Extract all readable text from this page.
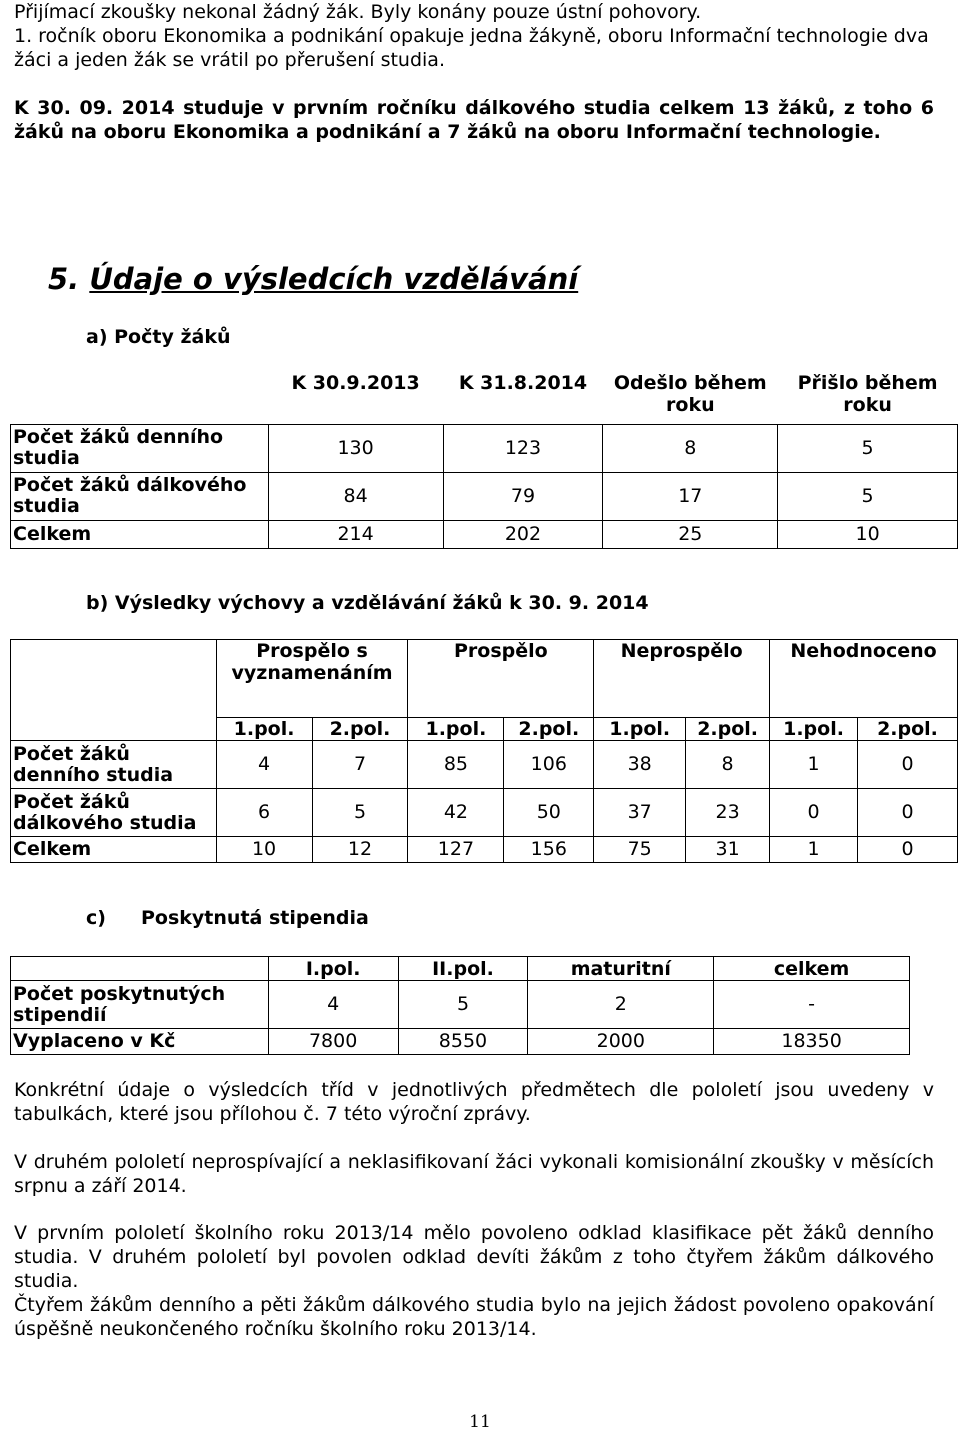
Přijímací zkoušky nekonal žádný žák. Byly konány pouze ústní pohovory.

1. ročník oboru Ekonomika a podnikání opakuje jedna žákyně, oboru Informační technologie dva žáci a jeden žák se vrátil po přerušení studia.

K 30. 09. 2014 studuje v prvním ročníku dálkového studia celkem 13 žáků, z toho 6 žáků na oboru Ekonomika a podnikání a 7 žáků na oboru Informační technologie.

5. Údaje o výsledcích vzdělávání
a) Počty žáků
	K 30.9.2013	K 31.8.2014	Odešlo během roku	Přišlo během roku
Počet žáků denního studia	130	123	8	5
Počet žáků dálkového studia	84	79	17	5
Celkem	214	202	25	10
b) Výsledky výchovy a vzdělávání žáků k 30. 9. 2014
	Prospělo s vyznamenáním		Prospělo		Neprospělo		Nehodnoceno	
	1.pol.	2.pol.	1.pol.	2.pol.	1.pol.	2.pol.	1.pol.	2.pol.
Počet žáků denního studia	4	7	85	106	38	8	1	0
Počet žáků dálkového studia	6	5	42	50	37	23	0	0
Celkem	10	12	127	156	75	31	1	0
c) Poskytnutá stipendia
	I.pol.	II.pol.	maturitní	celkem
Počet poskytnutých stipendií	4	5	2	-
Vyplaceno v Kč	7800	8550	2000	18350

Konkrétní údaje o výsledcích tříd v jednotlivých předmětech dle pololetí jsou uvedeny v tabulkách, které jsou přílohou č. 7 této výroční zprávy.

V druhém pololetí neprospívající a neklasifikovaní žáci vykonali komisionální zkoušky v měsících srpnu a září 2014.

V prvním pololetí školního roku 2013/14 mělo povoleno odklad klasifikace pět žáků denního studia. V druhém pololetí byl povolen odklad devíti žákům z toho čtyřem žákům dálkového studia.

Čtyřem žákům denního a pěti žákům dálkového studia bylo na jejich žádost povoleno opakování úspěšně neukončeného ročníku školního roku 2013/14.

11
